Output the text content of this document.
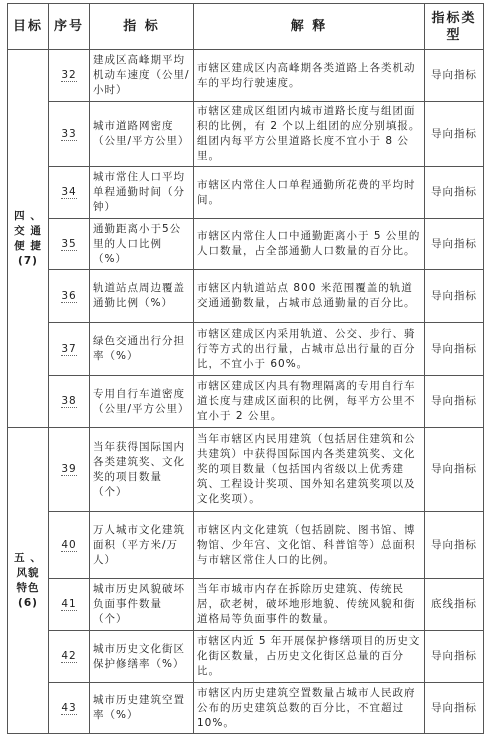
目标	序号	指 标	解 释	指标类型
四 、
交 通
便 捷
(7)	32	建成区高峰期平均机动车速度（公里/小时）	市辖区建成区内高峰期各类道路上各类机动车的平均行驶速度。	导向指标
	33	城市道路网密度（公里/平方公里）	市辖区建成区组团内城市道路长度与组团面积的比例，有 2 个以上组团的应分别填报。组团内每平方公里道路长度不宜小于 8 公里。	导向指标
	34	城市常住人口平均单程通勤时间（分钟）	市辖区内常住人口单程通勤所花费的平均时间。	导向指标
	35	通勤距离小于5公里的人口比例（%）	市辖区内常住人口中通勤距离小于 5 公里的人口数量，占全部通勤人口数量的百分比。	导向指标
	36	轨道站点周边覆盖通勤比例（%）	市辖区内轨道站点 800 米范围覆盖的轨道交通通勤数量，占城市总通勤量的百分比。	导向指标
	37	绿色交通出行分担率（%）	市辖区建成区内采用轨道、公交、步行、骑行等方式的出行量，占城市总出行量的百分比，不宜小于 60%。	导向指标
	38	专用自行车道密度（公里/平方公里）	市辖区建成区内具有物理隔离的专用自行车道长度与建成区面积的比例，每平方公里不宜小于 2 公里。	导向指标
五 、
风貌
特色
(6)	39	当年获得国际国内各类建筑奖、文化奖的项目数量（个）	当年市辖区内民用建筑（包括居住建筑和公共建筑）中获得国际国内各类建筑奖、文化奖的项目数量（包括国内省级以上优秀建筑、工程设计奖项、国外知名建筑奖项以及文化奖项）。	导向指标
	40	万人城市文化建筑面积（平方米/万人）	市辖区内文化建筑（包括剧院、图书馆、博物馆、少年宫、文化馆、科普馆等）总面积与市辖区常住人口的比例。	导向指标
	41	城市历史风貌破坏负面事件数量（个）	当年市城市内存在拆除历史建筑、传统民居，砍老树，破坏地形地貌、传统风貌和街道格局等负面事件的数量。	底线指标
	42	城市历史文化街区保护修缮率（%）	市辖区内近 5 年开展保护修缮项目的历史文化街区数量，占历史文化街区总量的百分比。	导向指标
	43	城市历史建筑空置率（%）	市辖区内历史建筑空置数量占城市人民政府公布的历史建筑总数的百分比，不宜超过 10%。	导向指标
